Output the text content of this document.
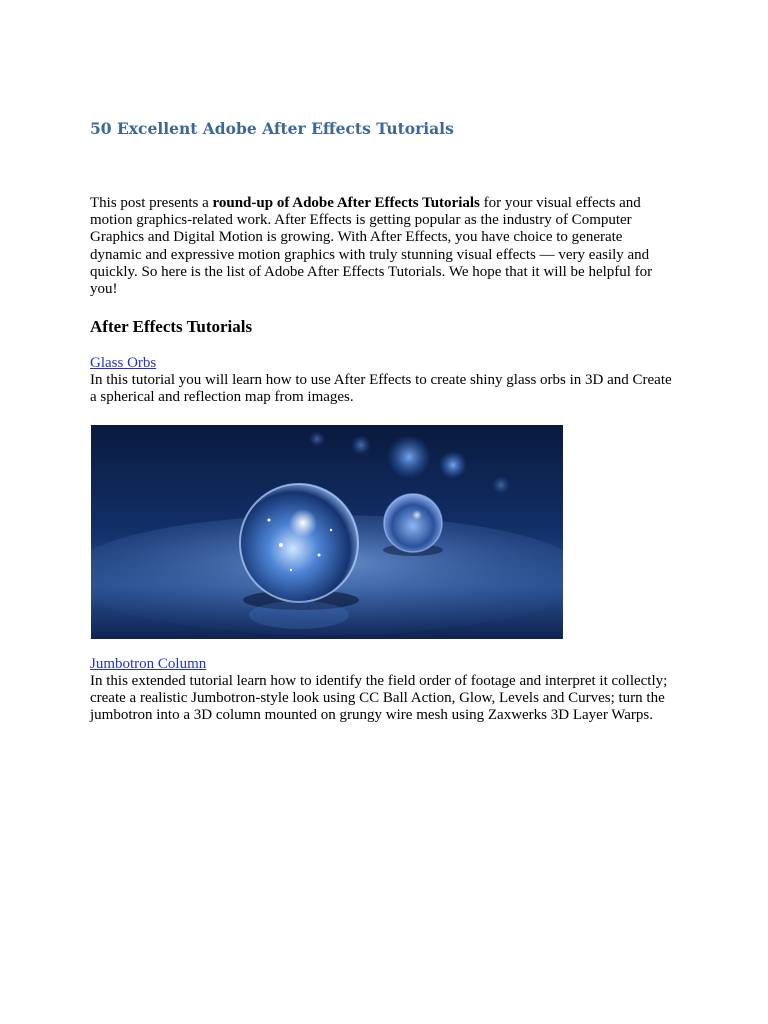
50 Excellent Adobe After Effects Tutorials

This post presents a round-up of Adobe After Effects Tutorials for your visual effects and
motion graphics-related work. After Effects is getting popular as the industry of Computer
Graphics and Digital Motion is growing. With After Effects, you have choice to generate
dynamic and expressive motion graphics with truly stunning visual effects — very easily and
quickly. So here is the list of Adobe After Effects Tutorials. We hope that it will be helpful for
you!

After Effects Tutorials
Glass Orbs

In this tutorial you will learn how to use After Effects to create shiny glass orbs in 3D and Create
a spherical and reflection map from images.

Jumbotron Column

In this extended tutorial learn how to identify the field order of footage and interpret it collectly;
create a realistic Jumbotron-style look using CC Ball Action, Glow, Levels and Curves; turn the
jumbotron into a 3D column mounted on grungy wire mesh using Zaxwerks 3D Layer Warps.
